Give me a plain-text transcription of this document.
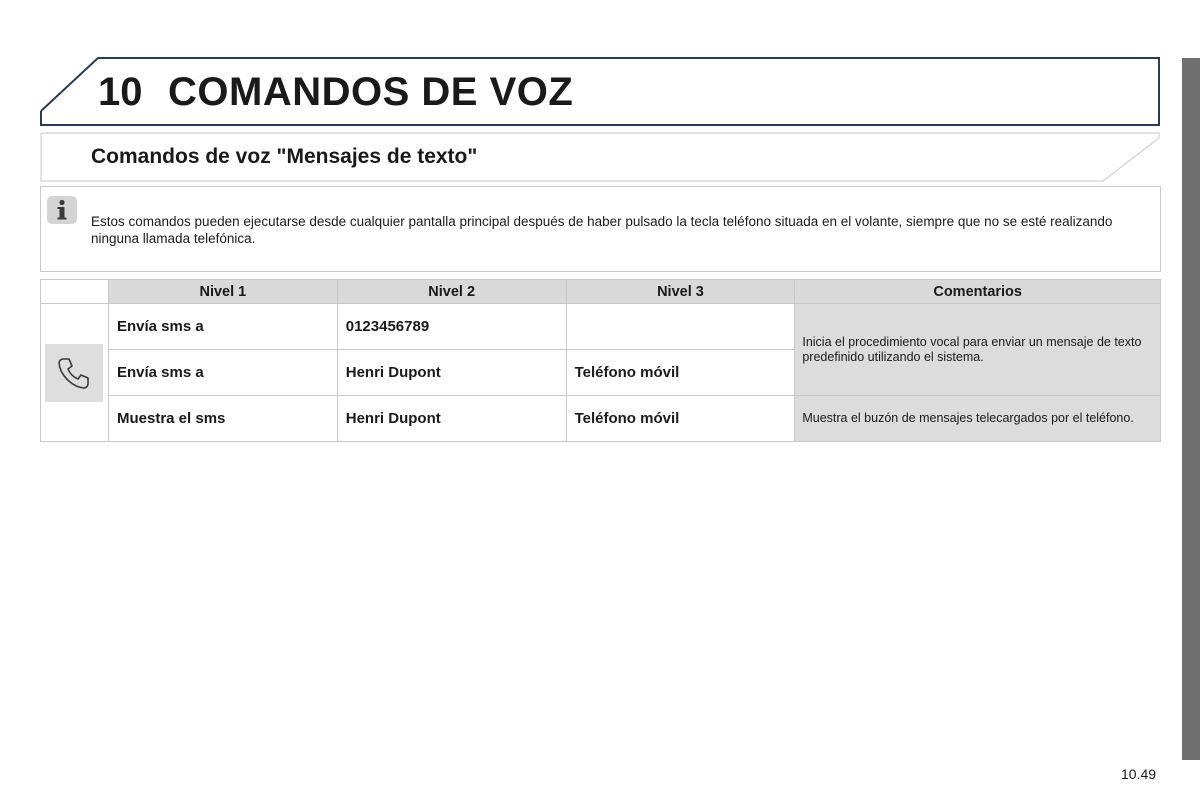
10 COMANDOS DE VOZ
Comandos de voz "Mensajes de texto"

Estos comandos pueden ejecutarse desde cualquier pantalla principal después de haber pulsado la tecla teléfono situada en el volante, siempre que no se esté realizando ninguna llamada telefónica.

	Nivel 1	Nivel 2	Nivel 3	Comentarios

	Envía sms a	0123456789		Inicia el procedimiento vocal para enviar un mensaje de texto predefinido utilizando el sistema.
	Envía sms a	Henri Dupont	Teléfono móvil	
	Muestra el sms	Henri Dupont	Teléfono móvil	Muestra el buzón de mensajes telecargados por el teléfono.
10.49
